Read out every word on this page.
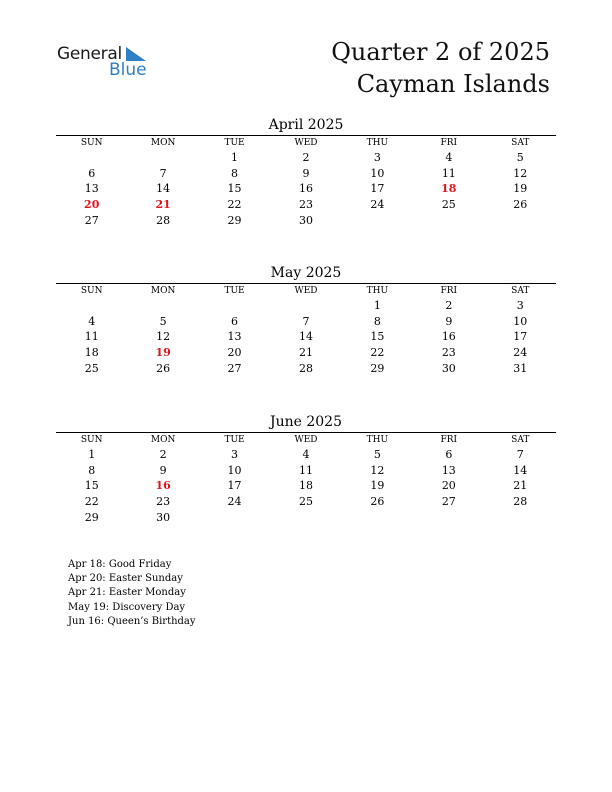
General
Blue
Quarter 2 of 2025
Cayman Islands
April 2025
SUN	MON	TUE	WED	THU	FRI	SAT
		1	2	3	4	5
6	7	8	9	10	11	12
13	14	15	16	17	18	19
20	21	22	23	24	25	26
27	28	29	30			
May 2025
SUN	MON	TUE	WED	THU	FRI	SAT
				1	2	3
4	5	6	7	8	9	10
11	12	13	14	15	16	17
18	19	20	21	22	23	24
25	26	27	28	29	30	31
June 2025
SUN	MON	TUE	WED	THU	FRI	SAT
1	2	3	4	5	6	7
8	9	10	11	12	13	14
15	16	17	18	19	20	21
22	23	24	25	26	27	28
29	30					
Apr 18: Good Friday
Apr 20: Easter Sunday
Apr 21: Easter Monday
May 19: Discovery Day
Jun 16: Queen’s Birthday
